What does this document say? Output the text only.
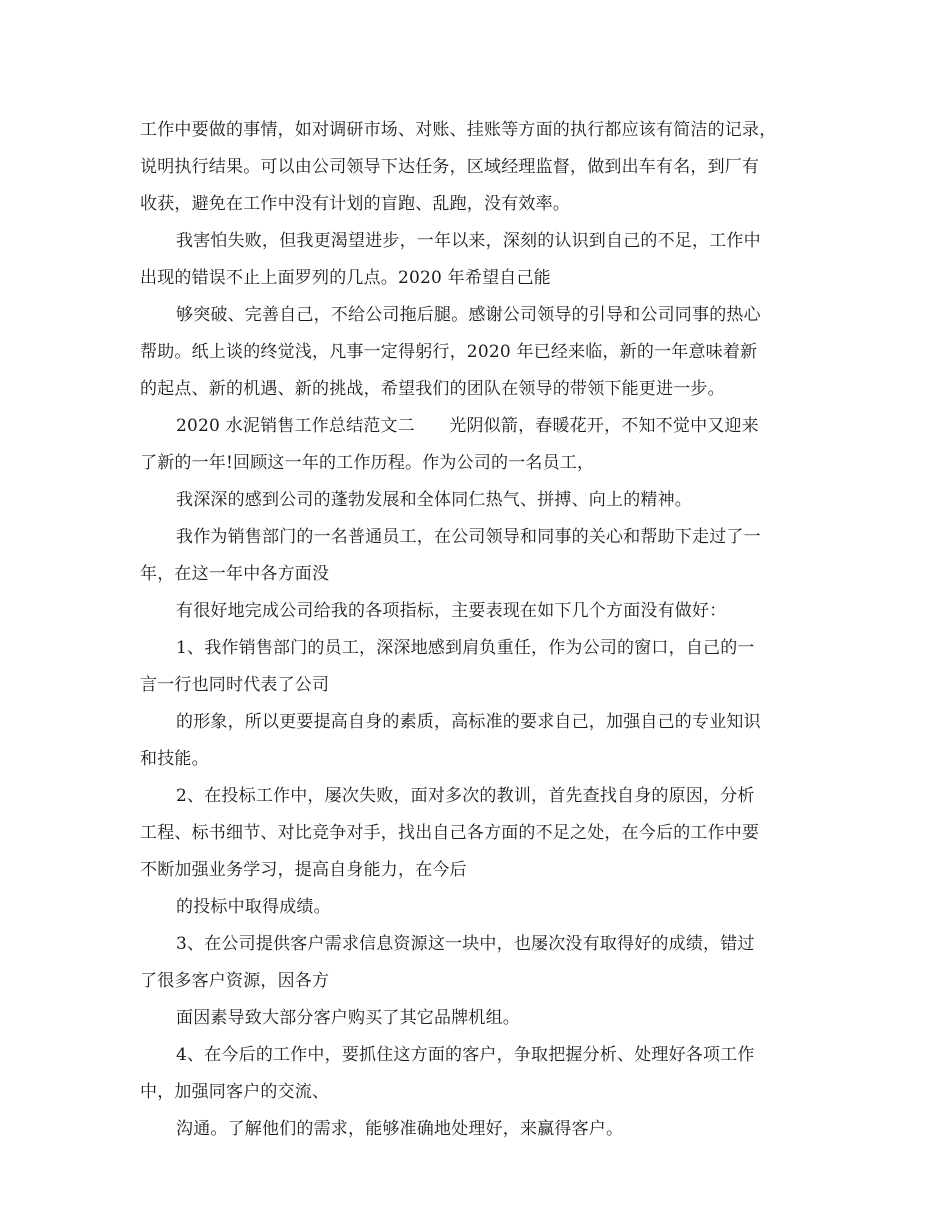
工作中要做的事情，如对调研市场、对账、挂账等方面的执行都应该有简洁的记录，
说明执行结果。可以由公司领导下达任务，区域经理监督，做到出车有名，到厂有
收获，避免在工作中没有计划的盲跑、乱跑，没有效率。
我害怕失败，但我更渴望进步，一年以来，深刻的认识到自己的不足，工作中
出现的错误不止上面罗列的几点。2020 年希望自己能
够突破、完善自己，不给公司拖后腿。感谢公司领导的引导和公司同事的热心
帮助。纸上谈的终觉浅，凡事一定得躬行，2020 年已经来临，新的一年意味着新
的起点、新的机遇、新的挑战，希望我们的团队在领导的带领下能更进一步。
2020 水泥销售工作总结范文二　　光阴似箭，春暖花开，不知不觉中又迎来
了新的一年!回顾这一年的工作历程。作为公司的一名员工，
我深深的感到公司的蓬勃发展和全体同仁热气、拼搏、向上的精神。
我作为销售部门的一名普通员工，在公司领导和同事的关心和帮助下走过了一
年，在这一年中各方面没
有很好地完成公司给我的各项指标，主要表现在如下几个方面没有做好：
1、我作销售部门的员工，深深地感到肩负重任，作为公司的窗口，自己的一
言一行也同时代表了公司
的形象，所以更要提高自身的素质，高标准的要求自己，加强自己的专业知识
和技能。
2、在投标工作中，屡次失败，面对多次的教训，首先查找自身的原因，分析
工程、标书细节、对比竞争对手，找出自己各方面的不足之处，在今后的工作中要
不断加强业务学习，提高自身能力，在今后
的投标中取得成绩。
3、在公司提供客户需求信息资源这一块中，也屡次没有取得好的成绩，错过
了很多客户资源，因各方
面因素导致大部分客户购买了其它品牌机组。
4、在今后的工作中，要抓住这方面的客户，争取把握分析、处理好各项工作
中，加强同客户的交流、
沟通。了解他们的需求，能够准确地处理好，来赢得客户。
